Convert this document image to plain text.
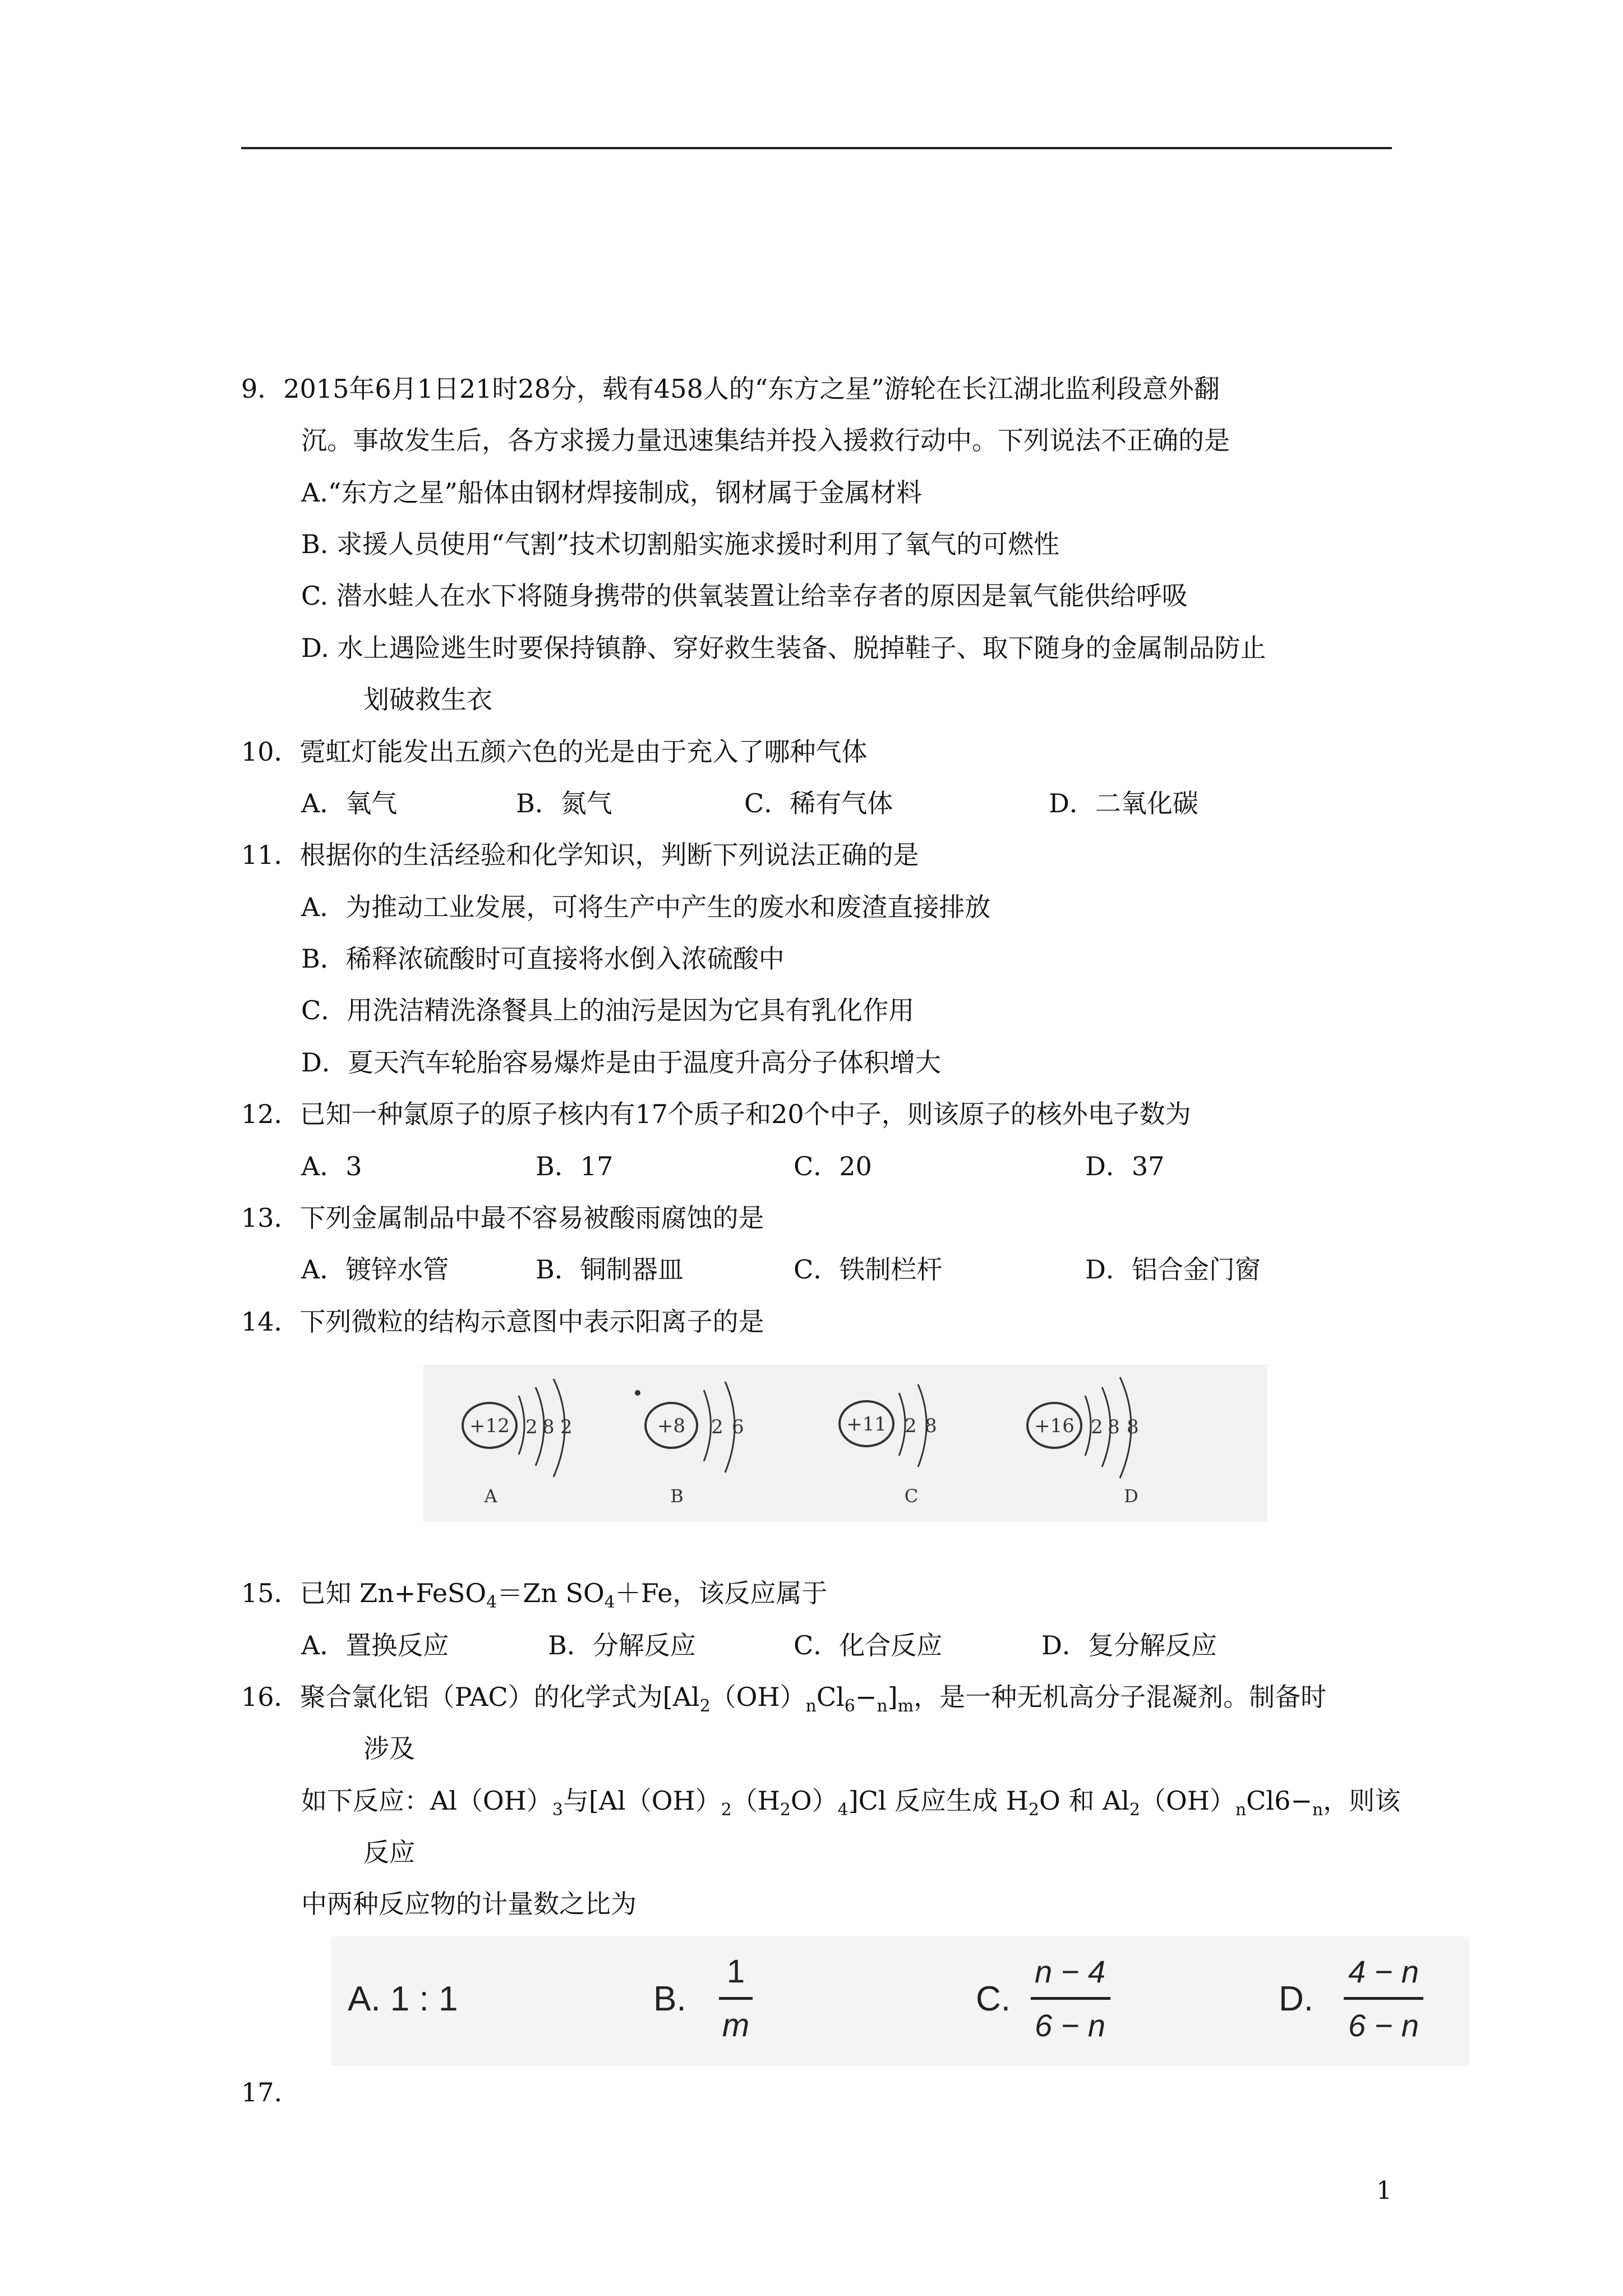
9．2015年6月1日21时28分，载有458人的“东方之星”游轮在长江湖北监利段意外翻
沉。事故发生后，各方求援力量迅速集结并投入援救行动中。下列说法不正确的是
A.“东方之星”船体由钢材焊接制成，钢材属于金属材料
B. 求援人员使用“气割”技术切割船实施求援时利用了氧气的可燃性
C. 潜水蛙人在水下将随身携带的供氧装置让给幸存者的原因是氧气能供给呼吸
D. 水上遇险逃生时要保持镇静、穿好救生装备、脱掉鞋子、取下随身的金属制品防止
划破救生衣
10．霓虹灯能发出五颜六色的光是由于充入了哪种气体
A．氧气	B．氮气	C．稀有气体	D．二氧化碳
11．根据你的生活经验和化学知识，判断下列说法正确的是
A．为推动工业发展，可将生产中产生的废水和废渣直接排放
B．稀释浓硫酸时可直接将水倒入浓硫酸中
C．用洗洁精洗涤餐具上的油污是因为它具有乳化作用
D．夏天汽车轮胎容易爆炸是由于温度升高分子体积增大
12．已知一种氯原子的原子核内有17个质子和20个中子，则该原子的核外电子数为
A．3	B．17	C．20	D．37
13．下列金属制品中最不容易被酸雨腐蚀的是
A．镀锌水管	B．铜制器皿	C．铁制栏杆	D．铝合金门窗
14．下列微粒的结构示意图中表示阳离子的是
+12 2 8 2
A
+8 2 6
B
+11 2 8
C
+16 2 8 8
D
15．已知 Zn+FeSO$_4$＝Zn $SO_4+Fe$，该反应属于
A．置换反应	B．分解反应	C．化合反应	D．复分解反应
16．聚合氯化铝（PAC）的化学式为$[Al_2(OH)_nCl_6-_n]_m$，是一种无机高分子混凝剂。制备时
涉及
如下反应：$Al(OH)_3$与$[Al(OH)_2(H_2O)_4]Cl$ 反应生成 $H_2O$ 和 $Al_2(OH)_nCl6-_n$，则该
反应
中两种反应物的计量数之比为
A. 1 : 1	B.
1
m
C.
n − 4
6 − n
D.
4 − n
6 − n
17.
1
